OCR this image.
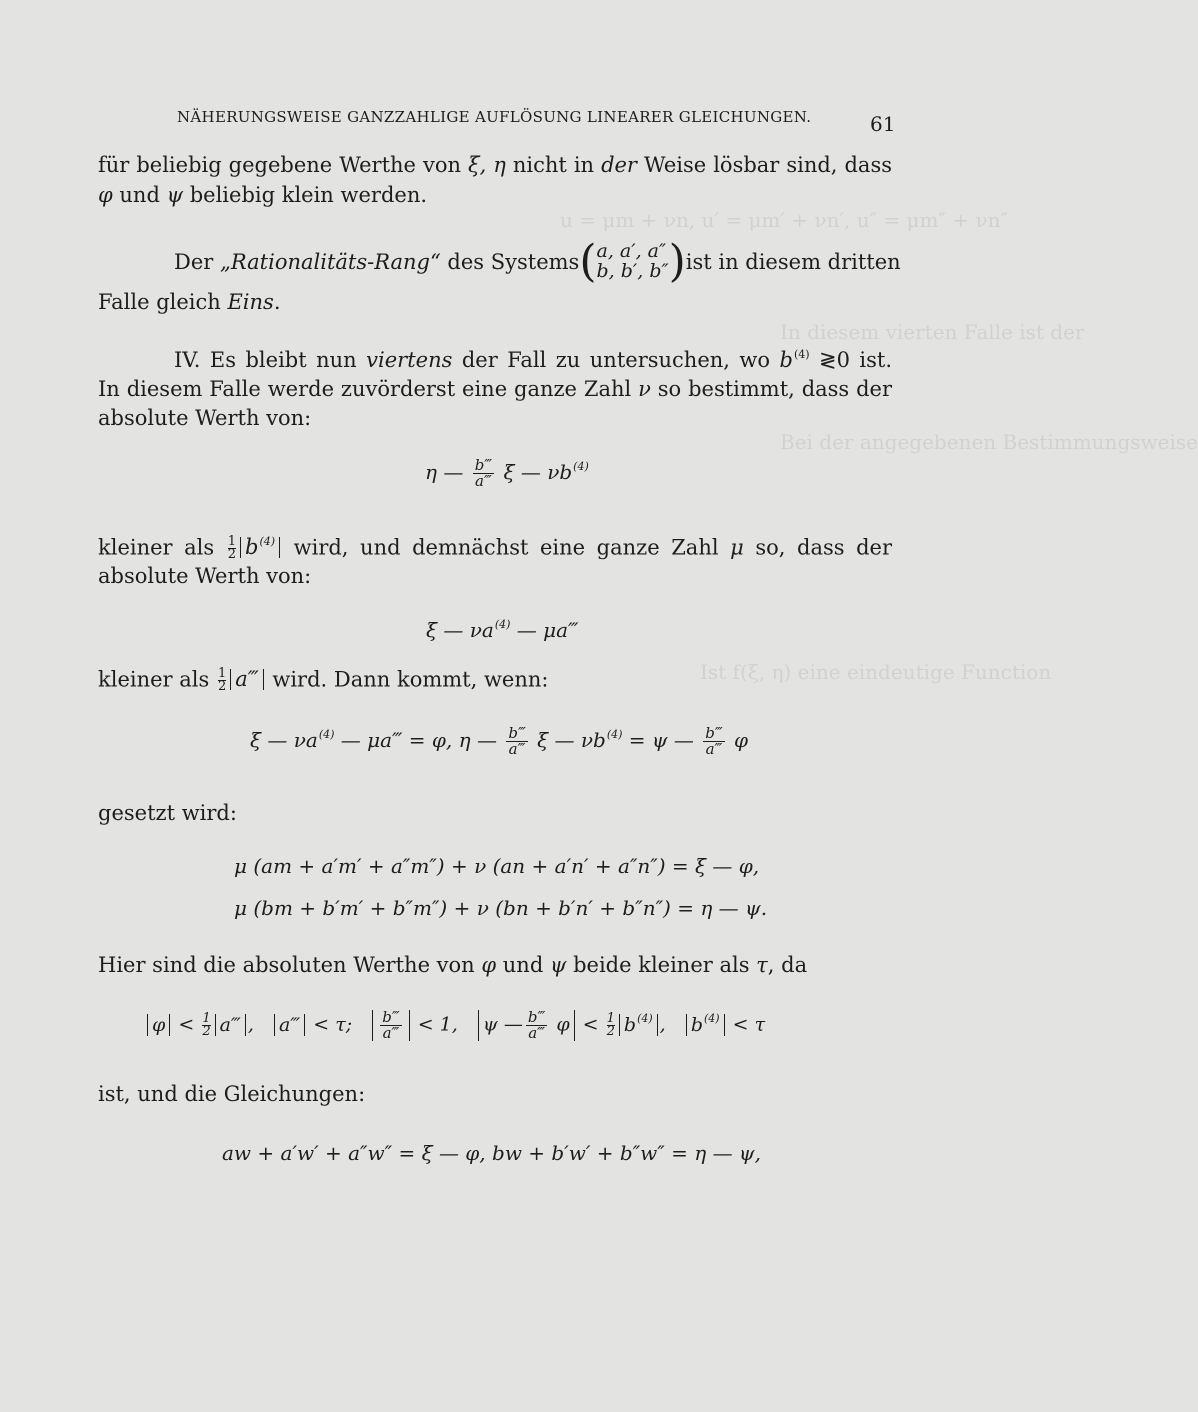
u = μm + νn, u′ = μm′ + νn′, u″ = μm″ + νn″
In diesem vierten Falle ist der
Bei der angegebenen Bestimmungsweise
Ist f(ξ, η) eine eindeutige Function
NÄHERUNGSWEISE GANZZAHLIGE AUFLÖSUNG LINEARER GLEICHUNGEN.	61
für beliebig gegebene Werthe von ξ, η nicht in der Weise lösbar sind, dass
φ und ψ beliebig klein werden.
Der „Rationalitäts-Rang“ des Systems ( a, a′, a″
b, b′, b″ ) ist in diesem dritten
Falle gleich Eins.
IV. Es bleibt nun viertens der Fall zu untersuchen, wo $b^{(4)}$ ≷0 ist.
In diesem Falle werde zuvörderst eine ganze Zahl ν so bestimmt, dass der
absolute Werth von:
η — $\frac{b‴}{a‴}$ ξ — $\nu b^{(4)}$
kleiner als $\frac{1}{2} b^{(4)}$ wird, und demnächst eine ganze Zahl μ so, dass der
absolute Werth von:
ξ — $\nu a^{(4)}$ — μa‴
kleiner als $\frac{1}{2}$ a‴ wird. Dann kommt, wenn:
ξ — $\nu a^{(4)}$ — μa‴ = φ, η — $\frac{b‴}{a‴}$ ξ — $\nu b^{(4)} = \psi$ — $\frac{b‴}{a‴}$ φ
gesetzt wird:
μ (am + a′m′ + a″m″) + ν (an + a′n′ + a″n″) = ξ — φ,
μ (bm + b′m′ + b″m″) + ν (bn + b′n′ + b″n″) = η — ψ.
Hier sind die absoluten Werthe von φ und ψ beide kleiner als τ, da
$\varphi < \frac{1}{2}$ a‴ , a‴ < τ; $\frac{b‴}{a‴} < 1$, ψ — $\frac{b‴}{a‴}$ $\varphi < \frac{1}{2} b^{(4)}$ , $b^{(4)} < \tau$
ist, und die Gleichungen:
aw + a′w′ + a″w″ = ξ — φ, bw + b′w′ + b″w″ = η — ψ,
